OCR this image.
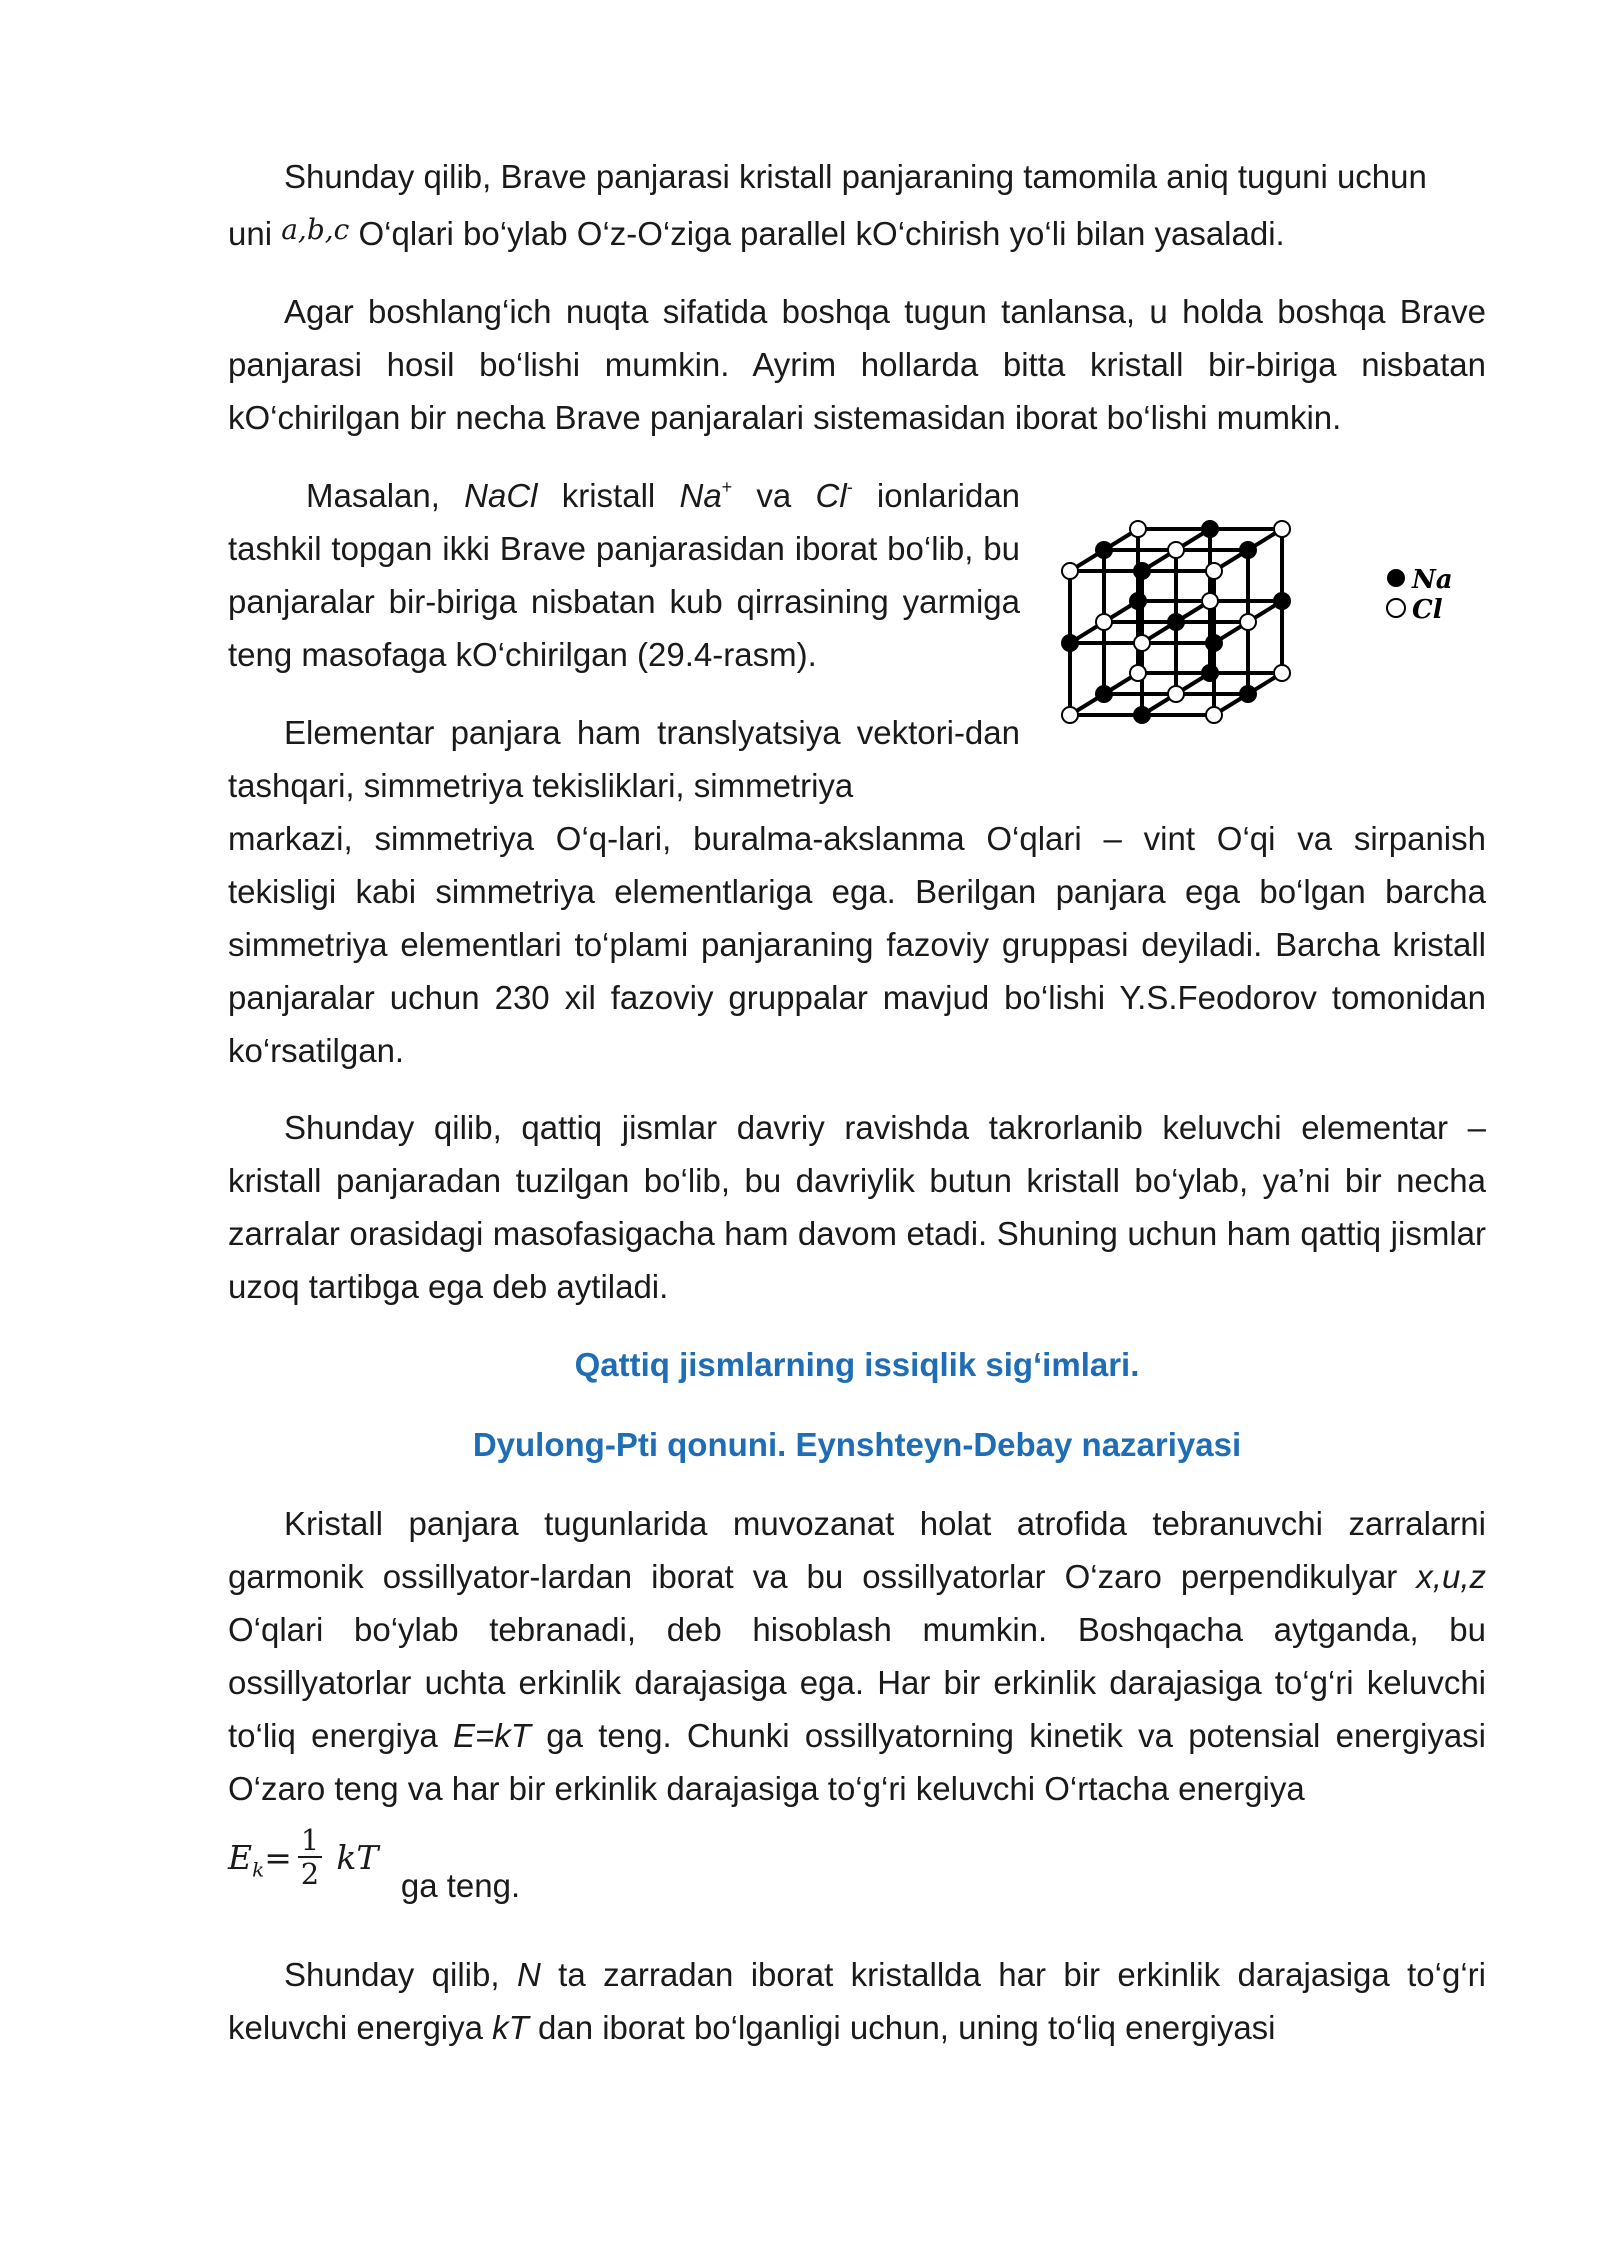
Shunday qilib, Brave panjarasi kristall panjaraning tamomila aniq tuguni uchun
uni a,b,c O‘qlari bo‘ylab O‘z-O‘ziga parallel kO‘chirish yo‘li bilan yasaladi.

Agar boshlang‘ich nuqta sifatida boshqa tugun tanlansa, u holda boshqa Brave panjarasi hosil bo‘lishi mumkin. Ayrim hollarda bitta kristall bir-biriga nisbatan kO‘chirilgan bir necha Brave panjaralari sistemasidan iborat bo‘lishi mumkin.

Masalan, NaCl kristall Na+ va Cl- ionlaridan tashkil topgan ikki Brave panjarasidan iborat bo‘lib, bu panjaralar bir-biriga nisbatan kub qirrasining yarmiga teng masofaga kO‘chirilgan (29.4-rasm).

Na
Cl

Elementar panjara ham translyatsiya vektori-dan tashqari, simmetriya tekisliklari, simmetriya

markazi, simmetriya O‘q-lari, buralma-akslanma O‘qlari – vint O‘qi va sirpanish tekisligi kabi simmetriya elementlariga ega. Berilgan panjara ega bo‘lgan barcha simmetriya elementlari to‘plami panjaraning fazoviy gruppasi deyiladi. Barcha kristall panjaralar uchun 230 xil fazoviy gruppalar mavjud bo‘lishi Y.S.Feodorov tomonidan ko‘rsatilgan.

Shunday qilib, qattiq jismlar davriy ravishda takrorlanib keluvchi elementar – kristall panjaradan tuzilgan bo‘lib, bu davriylik butun kristall bo‘ylab, ya’ni bir necha zarralar orasidagi masofasigacha ham davom etadi. Shuning uchun ham qattiq jismlar uzoq tartibga ega deb aytiladi.

Qattiq jismlarning issiqlik sig‘imlari.
Dyulong-Pti qonuni. Eynshteyn-Debay nazariyasi

Kristall panjara tugunlarida muvozanat holat atrofida tebranuvchi zarralarni garmonik ossillyator-lardan iborat va bu ossillyatorlar O‘zaro perpendikulyar x,u,z O‘qlari bo‘ylab tebranadi, deb hisoblash mumkin. Boshqacha aytganda, bu ossillyatorlar uchta erkinlik darajasiga ega. Har bir erkinlik darajasiga to‘g‘ri keluvchi to‘liq energiya E=kT ga teng. Chunki ossillyatorning kinetik va potensial energiyasi O‘zaro teng va har bir erkinlik darajasiga to‘g‘ri keluvchi O‘rtacha energiya

$E_k= 1$
2 kT ga teng.

Shunday qilib, N ta zarradan iborat kristallda har bir erkinlik darajasiga to‘g‘ri keluvchi energiya kT dan iborat bo‘lganligi uchun, uning to‘liq energiyasi
